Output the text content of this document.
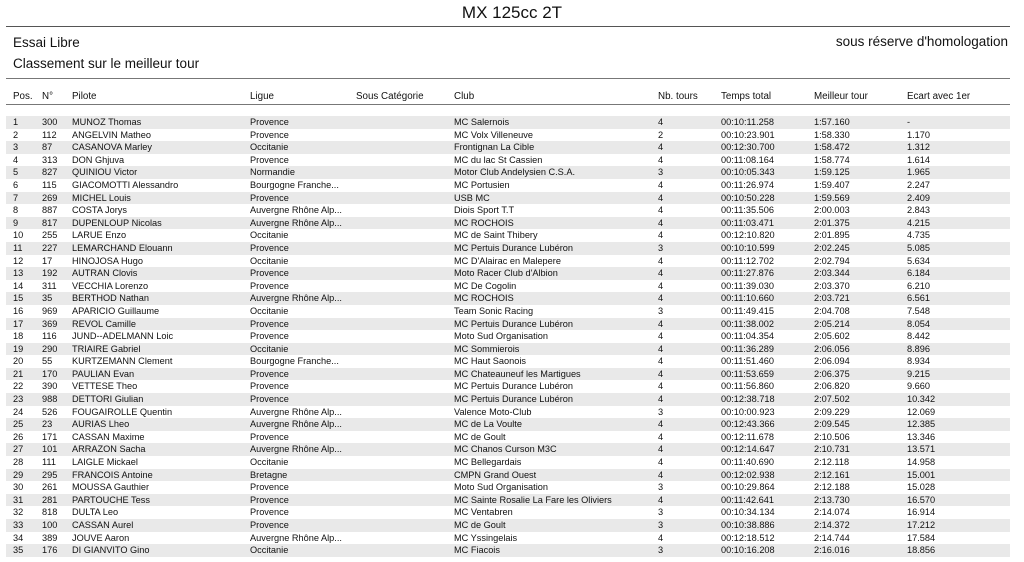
MX 125cc 2T
Essai Libre	sous réserve d'homologation
Classement sur le meilleur tour
Pos. N° Pilote	Ligue	Sous Catégorie	Club	Nb. tours Temps total	Meilleur tour	Ecart avec 1er
1	300 MUNOZ Thomas	Provence	MC Salernois	4	00:10:11.258	1:57.160	-
2	112 ANGELVIN Matheo	Provence	MC Volx Villeneuve	2	00:10:23.901	1:58.330	1.170
3	87 CASANOVA Marley	Occitanie	Frontignan La Cible	4	00:12:30.700	1:58.472	1.312
4	313 DON Ghjuva	Provence	MC du lac St Cassien	4	00:11:08.164	1:58.774	1.614
5	827 QUINIOU Victor	Normandie	Motor Club Andelysien C.S.A.	3	00:10:05.343	1:59.125	1.965
6	115 GIACOMOTTI Alessandro	Bourgogne Franche...	MC Portusien	4	00:11:26.974	1:59.407	2.247
7	269 MICHEL Louis	Provence	USB MC	4	00:10:50.228	1:59.569	2.409
8	887 COSTA Jorys	Auvergne Rhône Alp...	Diois Sport T.T	4	00:11:35.506	2:00.003	2.843
9	817 DUPENLOUP Nicolas	Auvergne Rhône Alp...	MC ROCHOIS	4	00:11:03.471	2:01.375	4.215
10 255 LARUE Enzo	Occitanie	MC de Saint Thibery	4	00:12:10.820	2:01.895	4.735
11 227 LEMARCHAND Elouann	Provence	MC Pertuis Durance Lubéron	3	00:10:10.599	2:02.245	5.085
12 17 HINOJOSA Hugo	Occitanie	MC D'Alairac en Malepere	4	00:11:12.702	2:02.794	5.634
13 192 AUTRAN Clovis	Provence	Moto Racer Club d'Albion	4	00:11:27.876	2:03.344	6.184
14 311 VECCHIA Lorenzo	Provence	MC De Cogolin	4	00:11:39.030	2:03.370	6.210
15 35 BERTHOD Nathan	Auvergne Rhône Alp...	MC ROCHOIS	4	00:11:10.660	2:03.721	6.561
16 969 APARICIO Guillaume	Occitanie	Team Sonic Racing	3	00:11:49.415	2:04.708	7.548
17 369 REVOL Camille	Provence	MC Pertuis Durance Lubéron	4	00:11:38.002	2:05.214	8.054
18 116 JUND--ADELMANN Loic	Provence	Moto Sud Organisation	4	00:11:04.354	2:05.602	8.442
19 290 TRIAIRE Gabriel	Occitanie	MC Sommierois	4	00:11:36.289	2:06.056	8.896
20 55 KURTZEMANN Clement	Bourgogne Franche...	MC Haut Saonois	4	00:11:51.460	2:06.094	8.934
21 170 PAULIAN Evan	Provence	MC Chateauneuf les Martigues	4	00:11:53.659	2:06.375	9.215
22 390 VETTESE Theo	Provence	MC Pertuis Durance Lubéron	4	00:11:56.860	2:06.820	9.660
23 988 DETTORI Giulian	Provence	MC Pertuis Durance Lubéron	4	00:12:38.718	2:07.502	10.342
24 526 FOUGAIROLLE Quentin	Auvergne Rhône Alp...	Valence Moto-Club	3	00:10:00.923	2:09.229	12.069
25 23 AURIAS Lheo	Auvergne Rhône Alp...	MC de La Voulte	4	00:12:43.366	2:09.545	12.385
26 171 CASSAN Maxime	Provence	MC de Goult	4	00:12:11.678	2:10.506	13.346
27 101 ARRAZON Sacha	Auvergne Rhône Alp...	MC Chanos Curson M3C	4	00:12:14.647	2:10.731	13.571
28 111 LAIGLE Mickael	Occitanie	MC Bellegardais	4	00:11:40.690	2:12.118	14.958
29 295 FRANCOIS Antoine	Bretagne	CMPN Grand Ouest	4	00:12:02.938	2:12.161	15.001
30 261 MOUSSA Gauthier	Provence	Moto Sud Organisation	3	00:10:29.864	2:12.188	15.028
31 281 PARTOUCHE Tess	Provence	MC Sainte Rosalie La Fare les Oliviers	4	00:11:42.641	2:13.730	16.570
32 818 DULTA Leo	Provence	MC Ventabren	3	00:10:34.134	2:14.074	16.914
33 100 CASSAN Aurel	Provence	MC de Goult	3	00:10:38.886	2:14.372	17.212
34 389 JOUVE Aaron	Auvergne Rhône Alp...	MC Yssingelais	4	00:12:18.512	2:14.744	17.584
35 176 DI GIANVITO Gino	Occitanie	MC Fiacois	3	00:10:16.208	2:16.016	18.856
